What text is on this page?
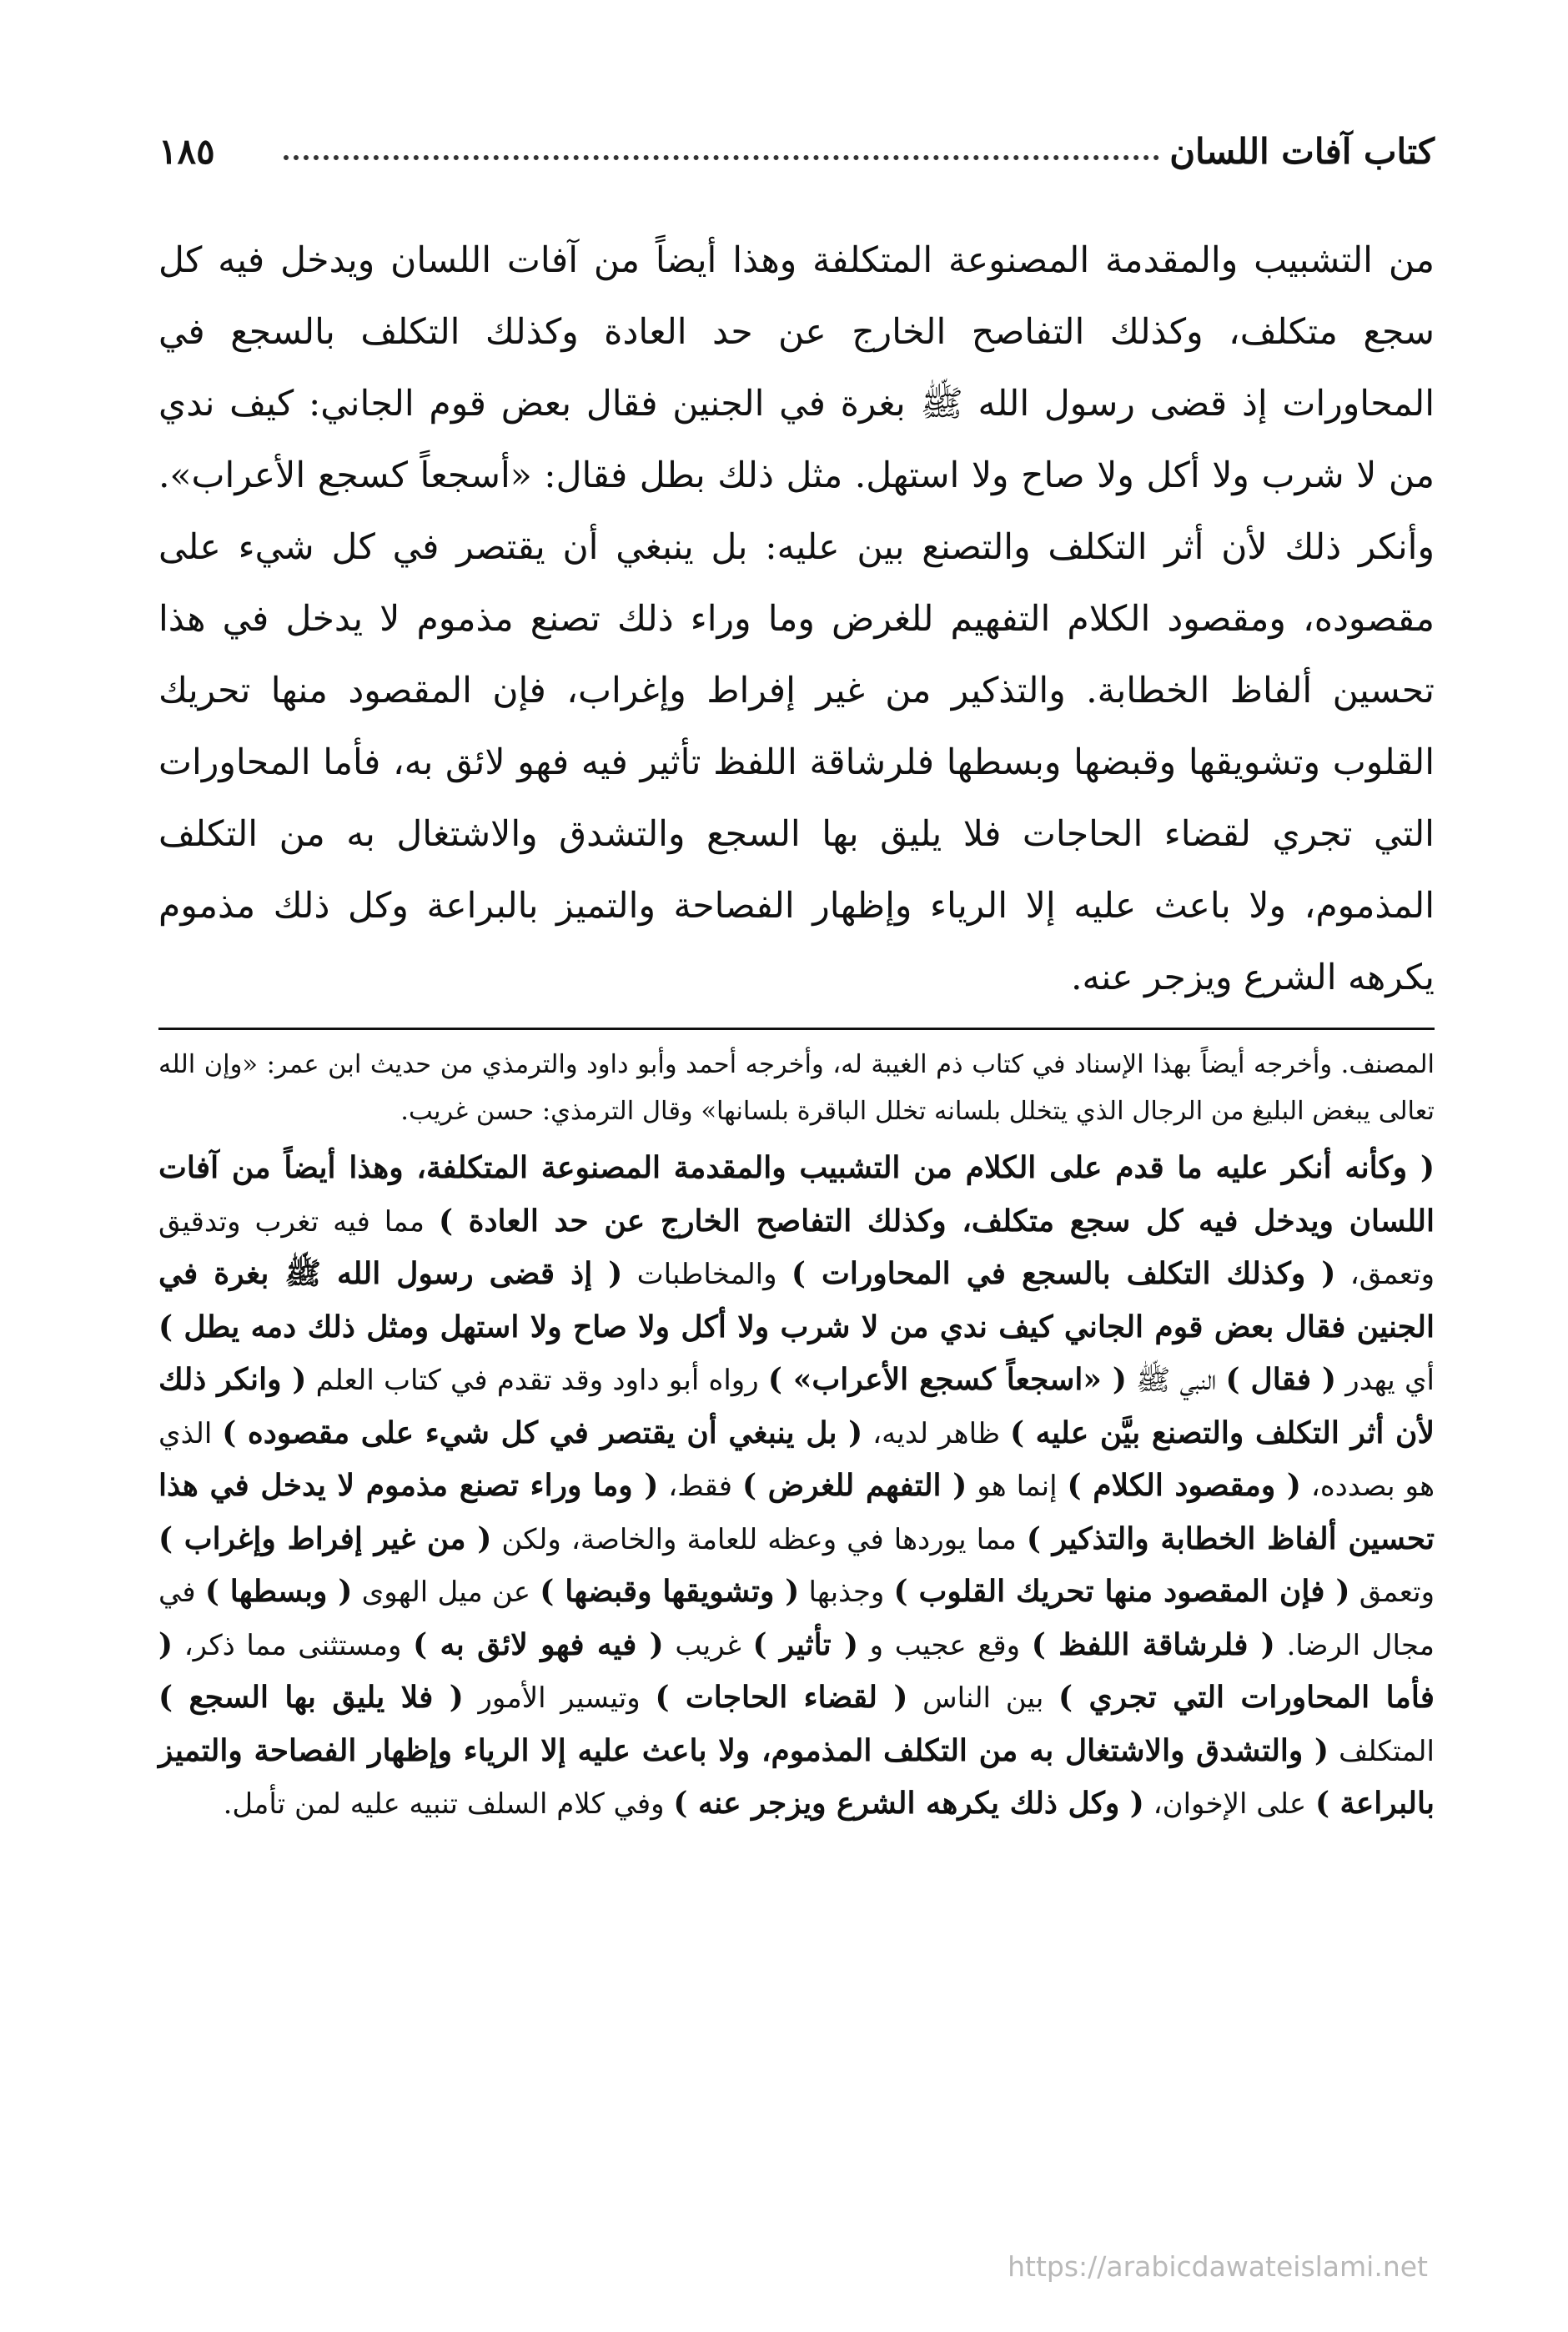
كتاب آفات اللسان
١٨٥

من التشبيب والمقدمة المصنوعة المتكلفة وهذا أيضاً من آفات اللسان ويدخل فيه كل سجع متكلف، وكذلك التفاصح الخارج عن حد العادة وكذلك التكلف بالسجع في المحاورات إذ قضى رسول الله ﷺ بغرة في الجنين فقال بعض قوم الجاني: كيف ندي من لا شرب ولا أكل ولا صاح ولا استهل. مثل ذلك بطل فقال: «أسجعاً كسجع الأعراب». وأنكر ذلك لأن أثر التكلف والتصنع بين عليه: بل ينبغي أن يقتصر في كل شيء على مقصوده، ومقصود الكلام التفهيم للغرض وما وراء ذلك تصنع مذموم لا يدخل في هذا تحسين ألفاظ الخطابة. والتذكير من غير إفراط وإغراب، فإن المقصود منها تحريك القلوب وتشويقها وقبضها وبسطها فلرشاقة اللفظ تأثير فيه فهو لائق به، فأما المحاورات التي تجري لقضاء الحاجات فلا يليق بها السجع والتشدق والاشتغال به من التكلف المذموم، ولا باعث عليه إلا الرياء وإظهار الفصاحة والتميز بالبراعة وكل ذلك مذموم يكرهه الشرع ويزجر عنه.

المصنف. وأخرجه أيضاً بهذا الإسناد في كتاب ذم الغيبة له، وأخرجه أحمد وأبو داود والترمذي من حديث ابن عمر: «وإن الله تعالى يبغض البليغ من الرجال الذي يتخلل بلسانه تخلل الباقرة بلسانها» وقال الترمذي: حسن غريب.

( وكأنه أنكر عليه ما قدم على الكلام من التشبيب والمقدمة المصنوعة المتكلفة، وهذا أيضاً من آفات اللسان ويدخل فيه كل سجع متكلف، وكذلك التفاصح الخارج عن حد العادة ) مما فيه تغرب وتدقيق وتعمق، ( وكذلك التكلف بالسجع في المحاورات ) والمخاطبات ( إذ قضى رسول الله ﷺ بغرة في الجنين فقال بعض قوم الجاني كيف ندي من لا شرب ولا أكل ولا صاح ولا استهل ومثل ذلك دمه يطل ) أي يهدر ( فقال ) النبي ﷺ ( «اسجعاً كسجع الأعراب» ) رواه أبو داود وقد تقدم في كتاب العلم ( وانكر ذلك لأن أثر التكلف والتصنع بيَّن عليه ) ظاهر لديه، ( بل ينبغي أن يقتصر في كل شيء على مقصوده ) الذي هو بصدده، ( ومقصود الكلام ) إنما هو ( التفهم للغرض ) فقط، ( وما وراء تصنع مذموم لا يدخل في هذا تحسين ألفاظ الخطابة والتذكير ) مما يوردها في وعظه للعامة والخاصة، ولكن ( من غير إفراط وإغراب ) وتعمق ( فإن المقصود منها تحريك القلوب ) وجذبها ( وتشويقها وقبضها ) عن ميل الهوى ( وبسطها ) في مجال الرضا. ( فلرشاقة اللفظ ) وقع عجيب و ( تأثير ) غريب ( فيه فهو لائق به ) ومستثنى مما ذكر، ( فأما المحاورات التي تجري ) بين الناس ( لقضاء الحاجات ) وتيسير الأمور ( فلا يليق بها السجع ) المتكلف ( والتشدق والاشتغال به من التكلف المذموم، ولا باعث عليه إلا الرياء وإظهار الفصاحة والتميز بالبراعة ) على الإخوان، ( وكل ذلك يكرهه الشرع ويزجر عنه ) وفي كلام السلف تنبيه عليه لمن تأمل.

https://arabicdawateislami.net
